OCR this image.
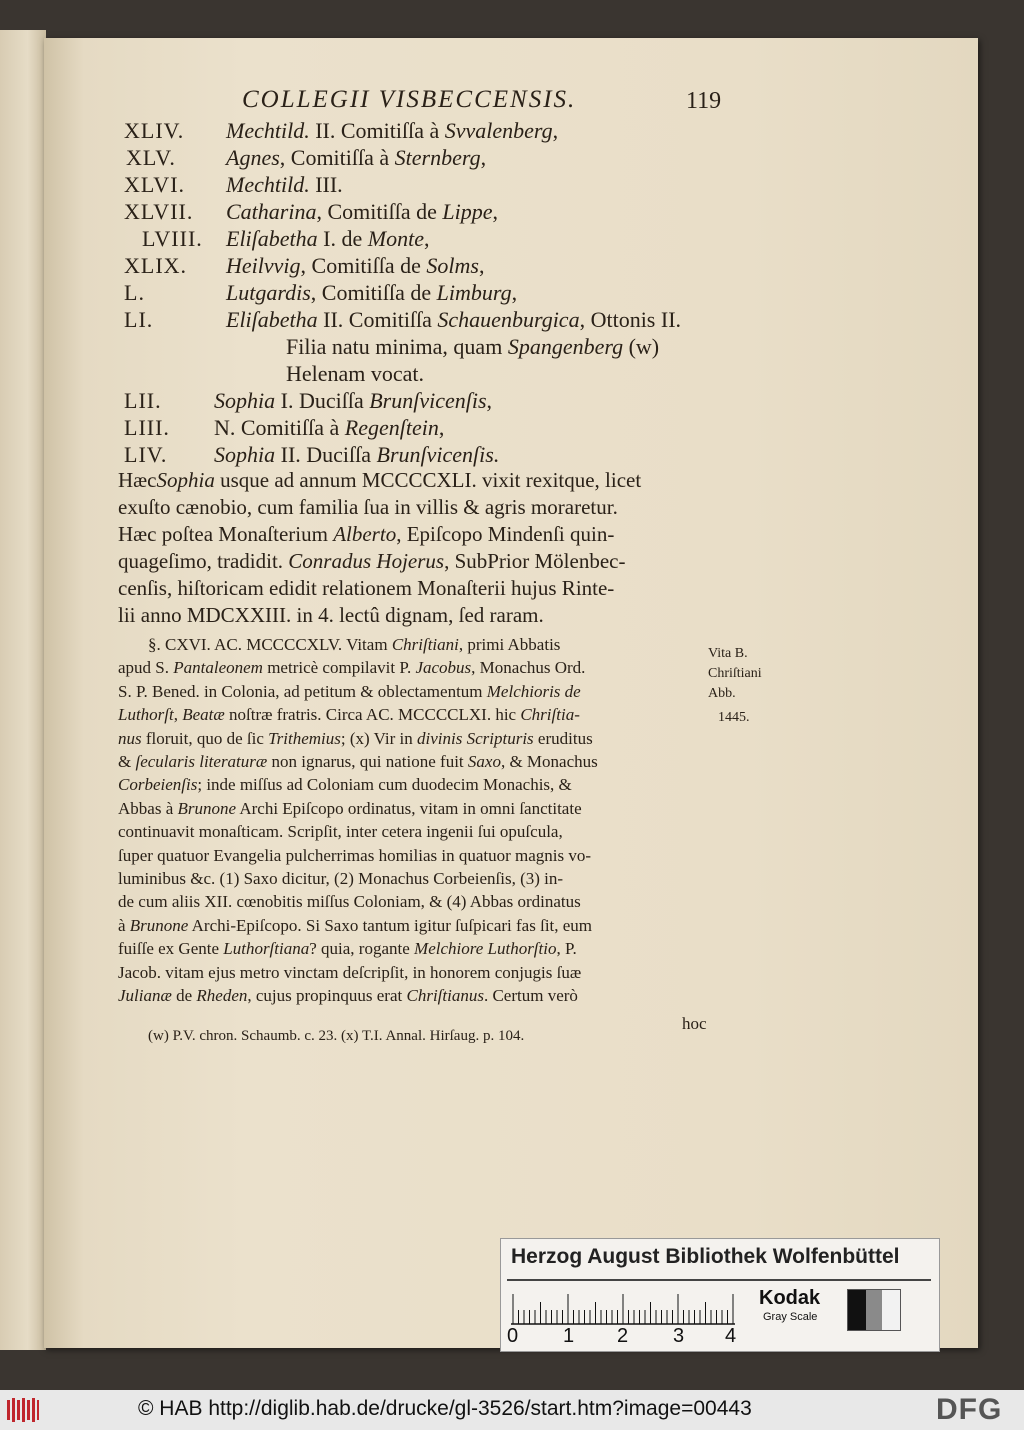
COLLEGII VISBECCENSIS.	119
XLIV. Mechtild. II. Comitiſſa à Svvalenberg,
XLV. Agnes, Comitiſſa à Sternberg,
XLVI. Mechtild. III.
XLVII. Catharina, Comitiſſa de Lippe,
LVIII. Eliſabetha I. de Monte,
XLIX. Heilvvig, Comitiſſa de Solms,
L.	Lutgardis, Comitiſſa de Limburg,
LI.	Eliſabetha II. Comitiſſa Schauenburgica, Ottonis II.
Filia natu minima, quam Spangenberg (w)
Helenam vocat.
LII. Sophia I. Duciſſa Brunſvicenſis,
LIII. N. Comitiſſa à Regenſtein,
LIV. Sophia II. Duciſſa Brunſvicenſis.
HæcSophia usque ad annum MCCCCXLI. vixit rexitque, licet
exuſto cænobio, cum familia ſua in villis & agris moraretur.
Hæc poſtea Monaſterium Alberto, Epiſcopo Mindenſi quin-
quageſimo, tradidit. Conradus Hojerus, SubPrior Mölenbec-
cenſis, hiſtoricam edidit relationem Monaſterii hujus Rinte-
lii anno MDCXXIII. in 4. lectû dignam, ſed raram.
§. CXVI. AC. MCCCCXLV. Vitam Chriſtiani, primi Abbatis
apud S. Pantaleonem metricè compilavit P. Jacobus, Monachus Ord.
S. P. Bened. in Colonia, ad petitum & oblectamentum Melchioris de
Luthorſt, Beatæ noſtræ fratris. Circa AC. MCCCCLXI. hic Chriſtia-
nus floruit, quo de ſic Trithemius; (x) Vir in divinis Scripturis eruditus
& ſecularis literaturæ non ignarus, qui natione fuit Saxo, & Monachus
Corbeienſis; inde miſſus ad Coloniam cum duodecim Monachis, &
Abbas à Brunone Archi Epiſcopo ordinatus, vitam in omni ſanctitate
continuavit monaſticam. Scripſit, inter cetera ingenii ſui opuſcula,
ſuper quatuor Evangelia pulcherrimas homilias in quatuor magnis vo-
luminibus &c. (1) Saxo dicitur, (2) Monachus Corbeienſis, (3) in-
de cum aliis XII. cœnobitis miſſus Coloniam, & (4) Abbas ordinatus
à Brunone Archi-Epiſcopo. Si Saxo tantum igitur ſuſpicari fas ſit, eum
fuiſſe ex Gente Luthorſtiana? quia, rogante Melchiore Luthorſtio, P.
Jacob. vitam ejus metro vinctam deſcripſit, in honorem conjugis ſuæ
Julianæ de Rheden, cujus propinquus erat Chriſtianus. Certum verò
Vita B.
Chriſtiani
Abb.
1445.
hoc
(w) P.V. chron. Schaumb. c. 23. (x) T.I. Annal. Hirſaug. p. 104.
Herzog August Bibliothek Wolfenbüttel
0 1 2 3 4
Kodak
Gray Scale
© HAB http://diglib.hab.de/drucke/gl-3526/start.htm?image=00443	DFG
